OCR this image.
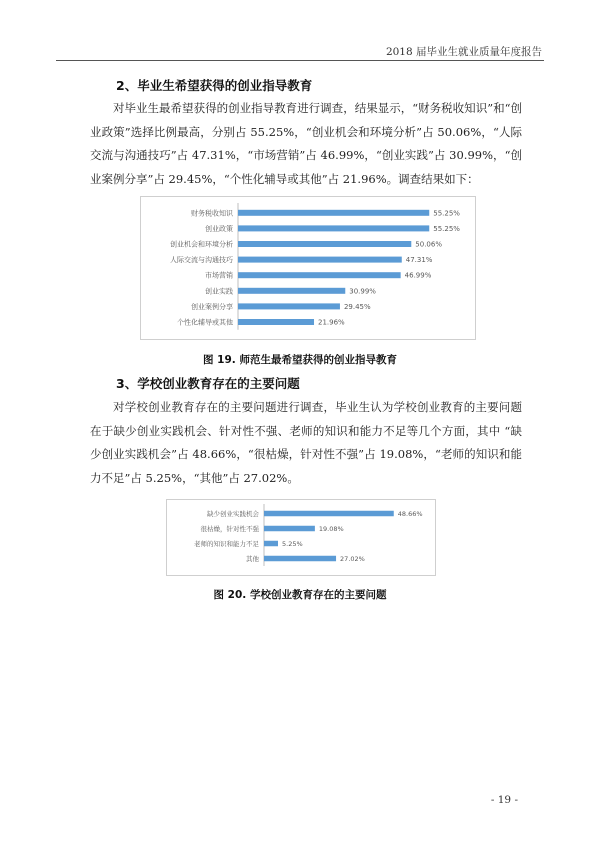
2018 届毕业生就业质量年度报告
2、毕业生希望获得的创业指导教育

对毕业生最希望获得的创业指导教育进行调查，结果显示，“财务税收知识”和“创业政策”选择比例最高，分别占 55.25%，“创业机会和环境分析”占 50.06%，“人际交流与沟通技巧”占 47.31%，“市场营销”占 46.99%，“创业实践”占 30.99%，“创业案例分享”占 29.45%，“个性化辅导或其他”占 21.96%。调查结果如下：

财务税收知识	55.25%
创业政策	55.25%
创业机会和环境分析	50.06%
人际交流与沟通技巧	47.31%
市场营销	46.99%
创业实践	30.99%
创业案例分享	29.45%
个性化辅导或其他	21.96%
图 19. 师范生最希望获得的创业指导教育
3、学校创业教育存在的主要问题

对学校创业教育存在的主要问题进行调查，毕业生认为学校创业教育的主要问题在于缺少创业实践机会、针对性不强、老师的知识和能力不足等几个方面，其中 “缺少创业实践机会”占 48.66%，“很枯燥，针对性不强”占 19.08%，“老师的知识和能力不足”占 5.25%，“其他”占 27.02%。

缺少创业实践机会	48.66%
很枯燥，针对性不强	19.08%
老师的知识和能力不足	5.25%
其他	27.02%
图 20. 学校创业教育存在的主要问题
- 19 -
